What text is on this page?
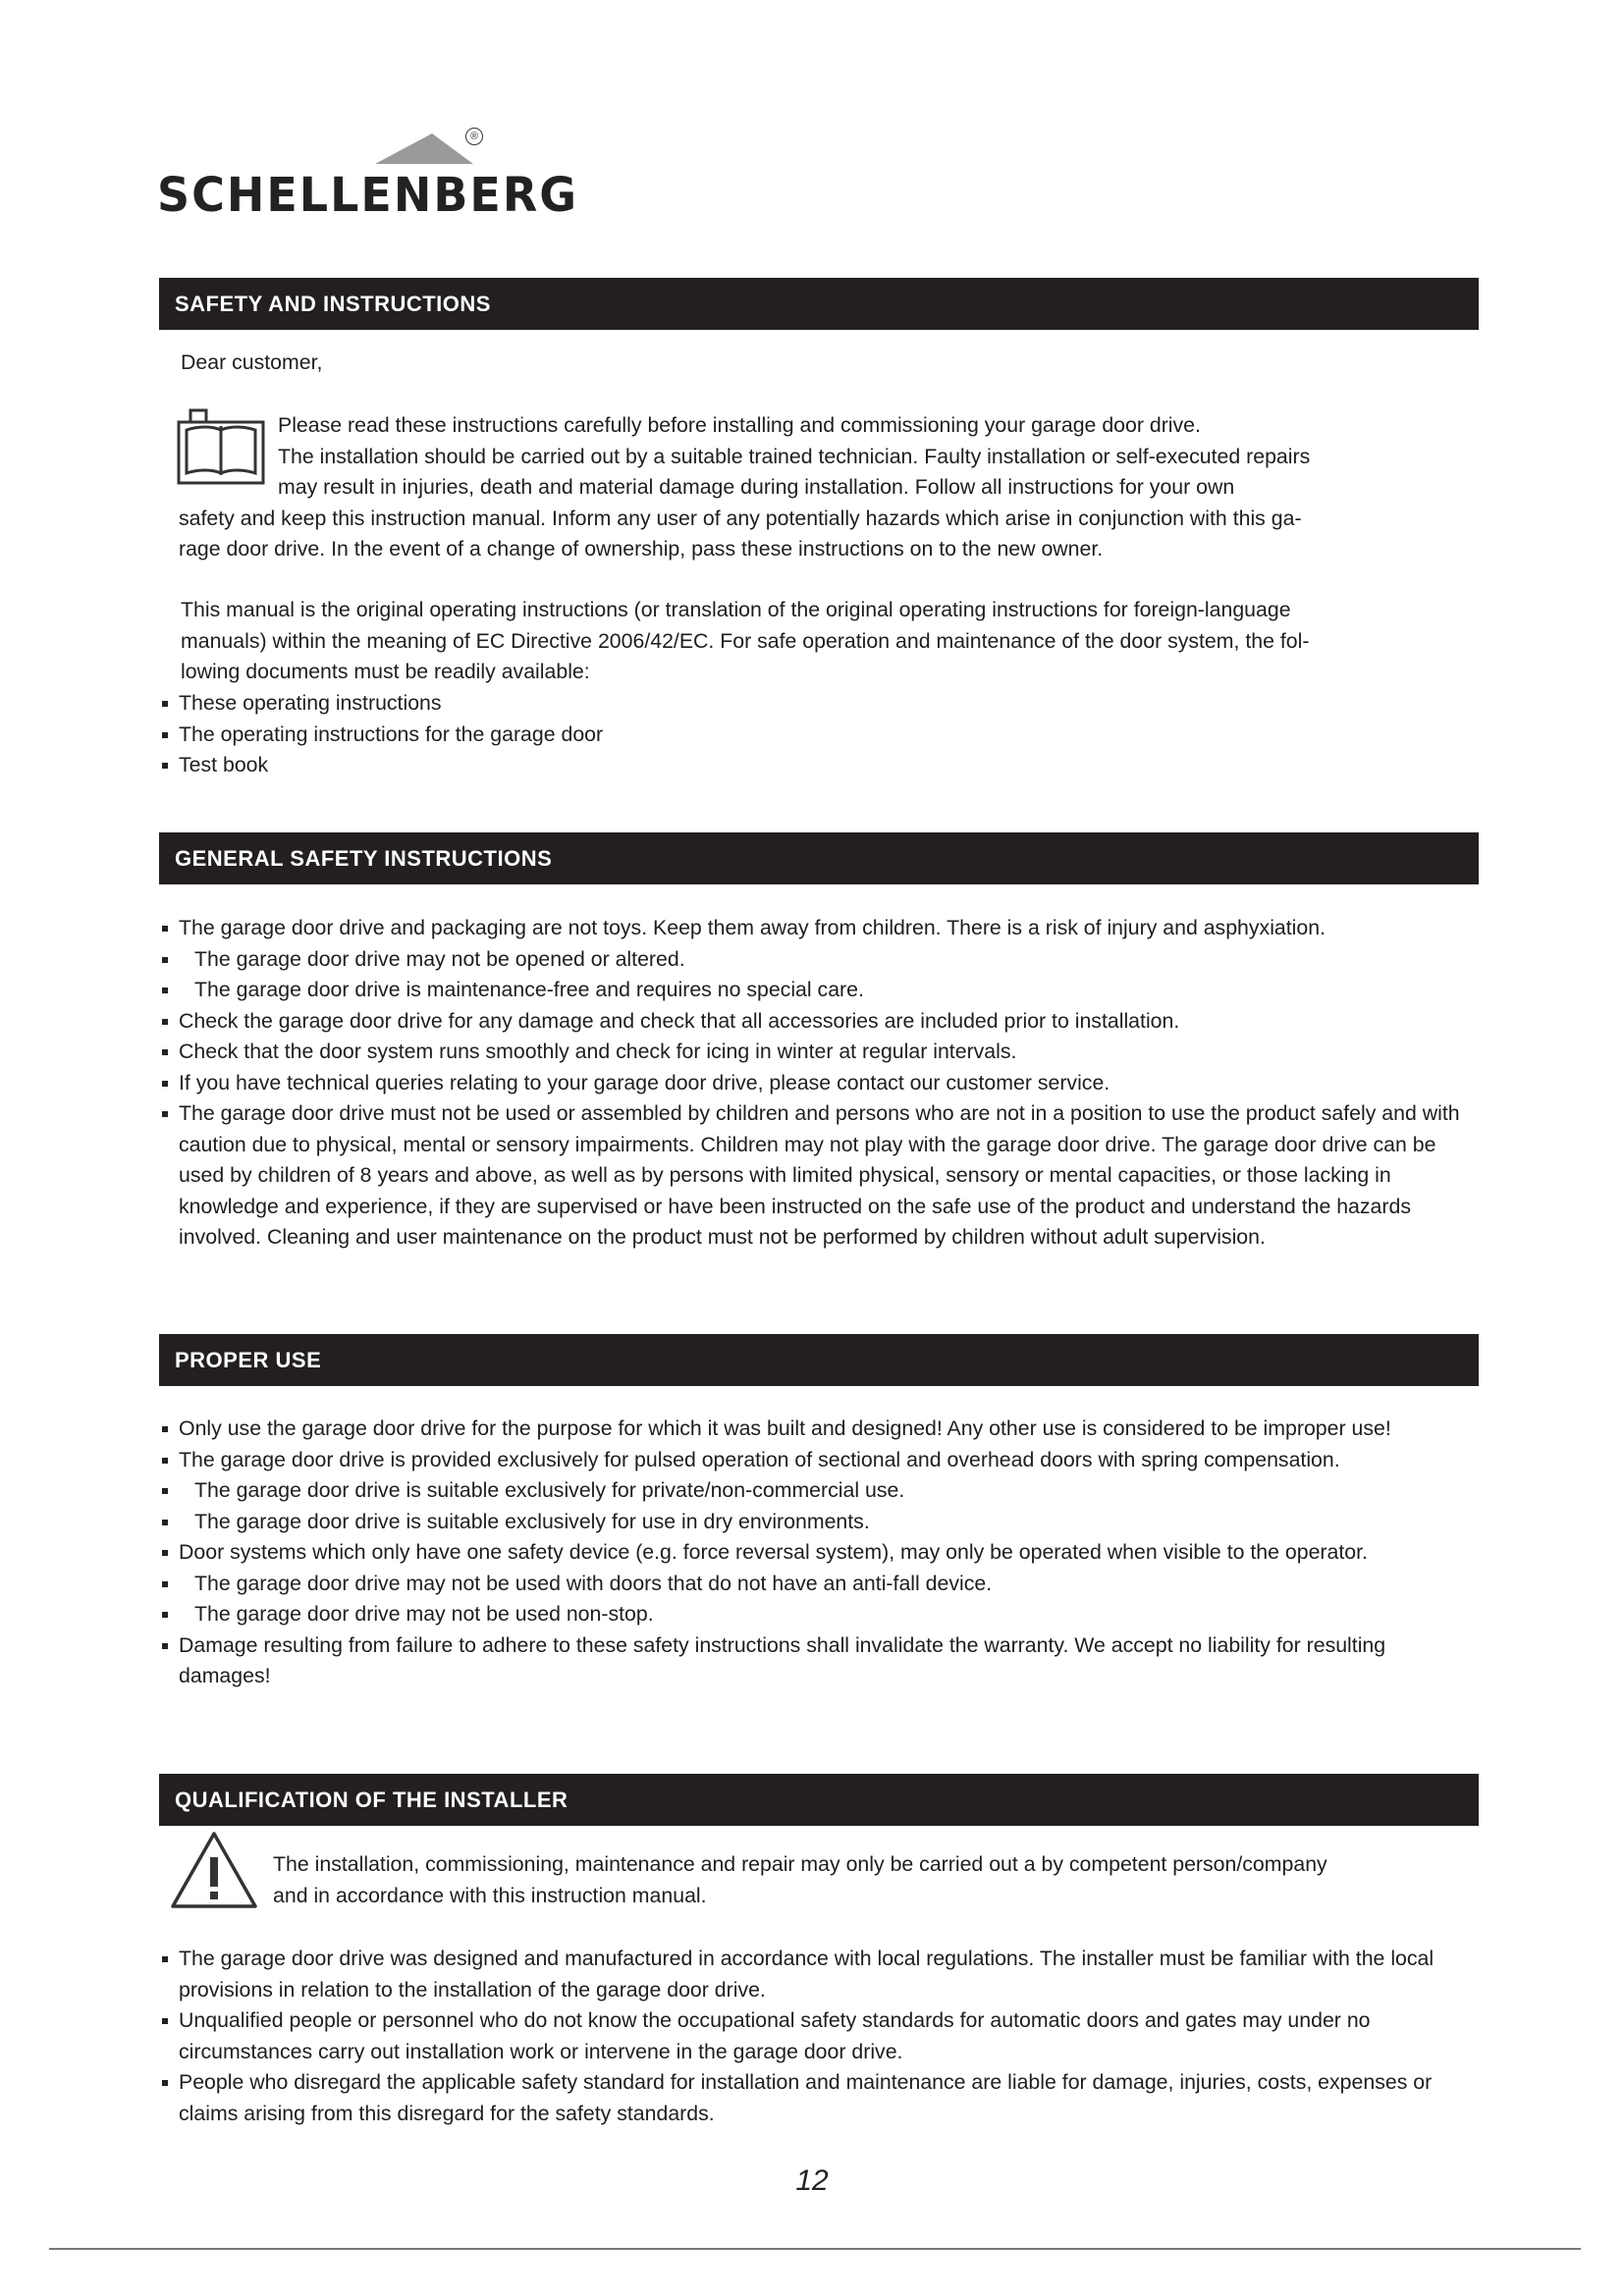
®
SCHELLENBERG
SAFETY AND INSTRUCTIONS

Dear customer,

Please read these instructions carefully before installing and commissioning your garage door drive.

The installation should be carried out by a suitable trained technician. Faulty installation or self-executed repairs

may result in injuries, death and material damage during installation. Follow all instructions for your own

safety and keep this instruction manual. Inform any user of any potentially hazards which arise in conjunction with this ga-

rage door drive. In the event of a change of ownership, pass these instructions on to the new owner.

This manual is the original operating instructions (or translation of the original operating instructions for foreign-language

manuals) within the meaning of EC Directive 2006/42/EC. For safe operation and maintenance of the door system, the fol-

lowing documents must be readily available:

These operating instructions
The operating instructions for the garage door
Test book
GENERAL SAFETY INSTRUCTIONS
The garage door drive and packaging are not toys. Keep them away from children. There is a risk of injury and asphyxiation.
The garage door drive may not be opened or altered.
The garage door drive is maintenance-free and requires no special care.
Check the garage door drive for any damage and check that all accessories are included prior to installation.
Check that the door system runs smoothly and check for icing in winter at regular intervals.
If you have technical queries relating to your garage door drive, please contact our customer service.
The garage door drive must not be used or assembled by children and persons who are not in a position to use the product safely and with caution due to physical, mental or sensory impairments. Children may not play with the garage door drive. The garage door drive can be used by children of 8 years and above, as well as by persons with limited physical, sensory or mental capacities, or those lacking in knowledge and experience, if they are supervised or have been instructed on the safe use of the product and understand the hazards involved. Cleaning and user maintenance on the product must not be performed by children without adult supervision.
PROPER USE
Only use the garage door drive for the purpose for which it was built and designed! Any other use is considered to be improper use!
The garage door drive is provided exclusively for pulsed operation of sectional and overhead doors with spring compensation.
The garage door drive is suitable exclusively for private/non-commercial use.
The garage door drive is suitable exclusively for use in dry environments.
Door systems which only have one safety device (e.g. force reversal system), may only be operated when visible to the operator.
The garage door drive may not be used with doors that do not have an anti-fall device.
The garage door drive may not be used non-stop.
Damage resulting from failure to adhere to these safety instructions shall invalidate the warranty. We accept no liability for resulting damages!
QUALIFICATION OF THE INSTALLER

The installation, commissioning, maintenance and repair may only be carried out a by competent person/company

and in accordance with this instruction manual.

The garage door drive was designed and manufactured in accordance with local regulations. The installer must be familiar with the local provisions in relation to the installation of the garage door drive.
Unqualified people or personnel who do not know the occupational safety standards for automatic doors and gates may under no circumstances carry out installation work or intervene in the garage door drive.
People who disregard the applicable safety standard for installation and maintenance are liable for damage, injuries, costs, expenses or claims arising from this disregard for the safety standards.
12
